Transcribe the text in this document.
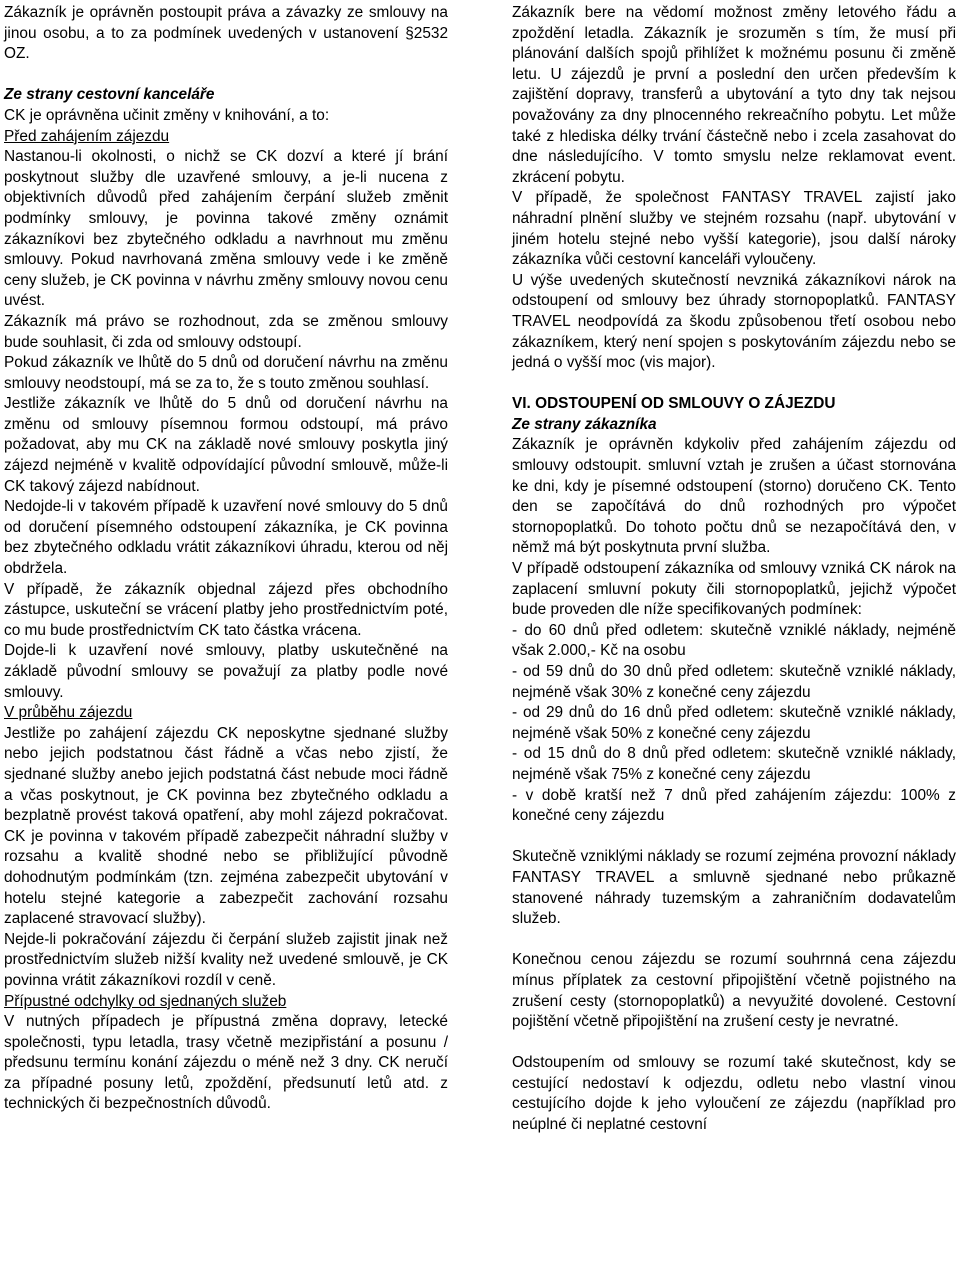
Zákazník je oprávněn postoupit práva a závazky ze smlouvy na jinou osobu, a to za podmínek uvedených v ustanovení §2532 OZ.

Ze strany cestovní kanceláře

CK je oprávněna učinit změny v knihování, a to:

Před zahájením zájezdu

Nastanou-li okolnosti, o nichž se CK dozví a které jí brání poskytnout služby dle uzavřené smlouvy, a je-li nucena z objektivních důvodů před zahájením čerpání služeb změnit podmínky smlouvy, je povinna takové změny oznámit zákazníkovi bez zbytečného odkladu a navrhnout mu změnu smlouvy. Pokud navrhovaná změna smlouvy vede i ke změně ceny služeb, je CK povinna v návrhu změny smlouvy novou cenu uvést.

Zákazník má právo se rozhodnout, zda se změnou smlouvy bude souhlasit, či zda od smlouvy odstoupí.

Pokud zákazník ve lhůtě do 5 dnů od doručení návrhu na změnu smlouvy neodstoupí, má se za to, že s touto změnou souhlasí.

Jestliže zákazník ve lhůtě do 5 dnů od doručení návrhu na změnu od smlouvy písemnou formou odstoupí, má právo požadovat, aby mu CK na základě nové smlouvy poskytla jiný zájezd nejméně v kvalitě odpovídající původní smlouvě, může-li CK takový zájezd nabídnout.

Nedojde-li v takovém případě k uzavření nové smlouvy do 5 dnů od doručení písemného odstoupení zákazníka, je CK povinna bez zbytečného odkladu vrátit zákazníkovi úhradu, kterou od něj obdržela.

V případě, že zákazník objednal zájezd přes obchodního zástupce, uskuteční se vrácení platby jeho prostřednictvím poté, co mu bude prostřednictvím CK tato částka vrácena.

Dojde-li k uzavření nové smlouvy, platby uskutečněné na základě původní smlouvy se považují za platby podle nové smlouvy.

V průběhu zájezdu

Jestliže po zahájení zájezdu CK neposkytne sjednané služby nebo jejich podstatnou část řádně a včas nebo zjistí, že sjednané služby anebo jejich podstatná část nebude moci řádně a včas poskytnout, je CK povinna bez zbytečného odkladu a bezplatně provést taková opatření, aby mohl zájezd pokračovat. CK je povinna v takovém případě zabezpečit náhradní služby v rozsahu a kvalitě shodné nebo se přibližující původně dohodnutým podmínkám (tzn. zejména zabezpečit ubytování v hotelu stejné kategorie a zabezpečit zachování rozsahu zaplacené stravovací služby).

Nejde-li pokračování zájezdu či čerpání služeb zajistit jinak než prostřednictvím služeb nižší kvality než uvedené smlouvě, je CK povinna vrátit zákazníkovi rozdíl v ceně.

Přípustné odchylky od sjednaných služeb

V nutných případech je přípustná změna dopravy, letecké společnosti, typu letadla, trasy včetně mezipřistání a posunu / předsunu termínu konání zájezdu o méně než 3 dny. CK neručí za případné posuny letů, zpoždění, předsunutí letů atd. z technických či bezpečnostních důvodů.

Zákazník bere na vědomí možnost změny letového řádu a zpoždění letadla. Zákazník je srozuměn s tím, že musí při plánování dalších spojů přihlížet k možnému posunu či změně letu. U zájezdů je první a poslední den určen především k zajištění dopravy, transferů a ubytování a tyto dny tak nejsou považovány za dny plnocenného rekreačního pobytu. Let může také z hlediska délky trvání částečně nebo i zcela zasahovat do dne následujícího. V tomto smyslu nelze reklamovat event. zkrácení pobytu.

V případě, že společnost FANTASY TRAVEL zajistí jako náhradní plnění služby ve stejném rozsahu (např. ubytování v jiném hotelu stejné nebo vyšší kategorie), jsou další nároky zákazníka vůči cestovní kanceláři vyloučeny.

U výše uvedených skutečností nevzniká zákazníkovi nárok na odstoupení od smlouvy bez úhrady stornopoplatků. FANTASY TRAVEL neodpovídá za škodu způsobenou třetí osobou nebo zákazníkem, který není spojen s poskytováním zájezdu nebo se jedná o vyšší moc (vis major).

VI. ODSTOUPENÍ OD SMLOUVY O ZÁJEZDU
Ze strany zákazníka

Zákazník je oprávněn kdykoliv před zahájením zájezdu od smlouvy odstoupit. smluvní vztah je zrušen a účast stornována ke dni, kdy je písemné odstoupení (storno) doručeno CK. Tento den se započítává do dnů rozhodných pro výpočet stornopoplatků. Do tohoto počtu dnů se nezapočítává den, v němž má být poskytnuta první služba.

V případě odstoupení zákazníka od smlouvy vzniká CK nárok na zaplacení smluvní pokuty čili stornopoplatků, jejichž výpočet bude proveden dle níže specifikovaných podmínek:

- do 60 dnů před odletem: skutečně vzniklé náklady, nejméně však 2.000,- Kč na osobu

- od 59 dnů do 30 dnů před odletem: skutečně vzniklé náklady, nejméně však 30% z konečné ceny zájezdu

- od 29 dnů do 16 dnů před odletem: skutečně vzniklé náklady, nejméně však 50% z konečné ceny zájezdu

- od 15 dnů do 8 dnů před odletem: skutečně vzniklé náklady, nejméně však 75% z konečné ceny zájezdu

- v době kratší než 7 dnů před zahájením zájezdu: 100% z konečné ceny zájezdu

Skutečně vzniklými náklady se rozumí zejména provozní náklady FANTASY TRAVEL a smluvně sjednané nebo průkazně stanovené náhrady tuzemským a zahraničním dodavatelům služeb.

Konečnou cenou zájezdu se rozumí souhrnná cena zájezdu mínus příplatek za cestovní připojištění včetně pojistného na zrušení cesty (stornopoplatků) a nevyužité dovolené. Cestovní pojištění včetně připojištění na zrušení cesty je nevratné.

Odstoupením od smlouvy se rozumí také skutečnost, kdy se cestující nedostaví k odjezdu, odletu nebo vlastní vinou cestujícího dojde k jeho vyloučení ze zájezdu (například pro neúplné či neplatné cestovní
